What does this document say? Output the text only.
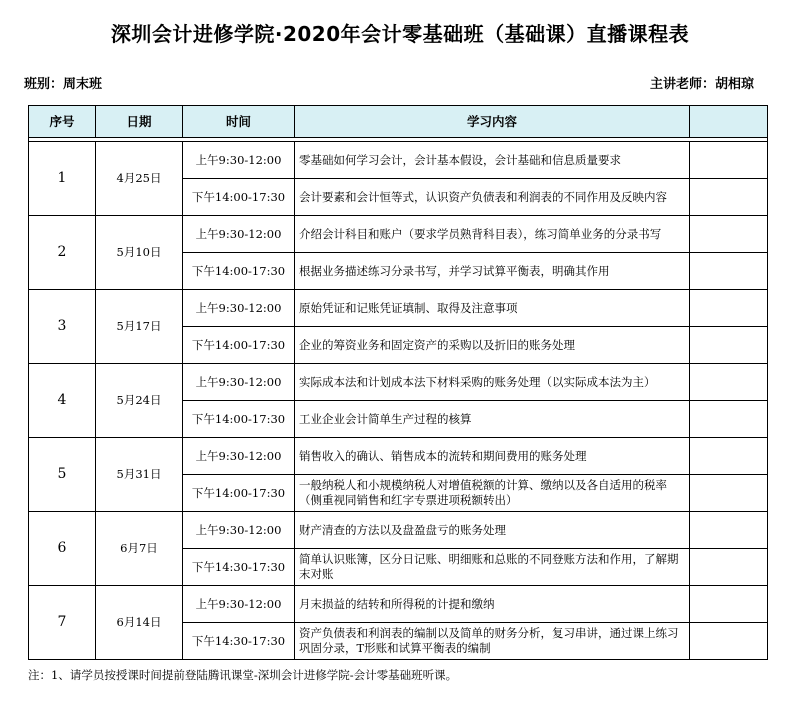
深圳会计进修学院·2020年会计零基础班（基础课）直播课程表
班别：周末班	主讲老师：胡相琼
序号	日期	时间	学习内容	

1	4月25日	上午9:30-12:00	零基础如何学习会计，会计基本假设，会计基础和信息质量要求	
		下午14:00-17:30	会计要素和会计恒等式，认识资产负债表和利润表的不同作用及反映内容	
2	5月10日	上午9:30-12:00	介绍会计科目和账户（要求学员熟背科目表），练习简单业务的分录书写	
		下午14:00-17:30	根据业务描述练习分录书写，并学习试算平衡表，明确其作用	
3	5月17日	上午9:30-12:00	原始凭证和记账凭证填制、取得及注意事项	
		下午14:00-17:30	企业的筹资业务和固定资产的采购以及折旧的账务处理	
4	5月24日	上午9:30-12:00	实际成本法和计划成本法下材料采购的账务处理（以实际成本法为主）	
		下午14:00-17:30	工业企业会计简单生产过程的核算	
5	5月31日	上午9:30-12:00	销售收入的确认、销售成本的流转和期间费用的账务处理	
		下午14:00-17:30	一般纳税人和小规模纳税人对增值税额的计算、缴纳以及各自适用的税率（侧重视同销售和红字专票进项税额转出）	
6	6月7日	上午9:30-12:00	财产清查的方法以及盘盈盘亏的账务处理	
		下午14:30-17:30	简单认识账簿，区分日记账、明细账和总账的不同登账方法和作用，了解期末对账	
7	6月14日	上午9:30-12:00	月末损益的结转和所得税的计提和缴纳	
		下午14:30-17:30	资产负债表和利润表的编制以及简单的财务分析，复习串讲，通过课上练习巩固分录，T形账和试算平衡表的编制	
注：1、请学员按授课时间提前登陆腾讯课堂-深圳会计进修学院-会计零基础班听课。
